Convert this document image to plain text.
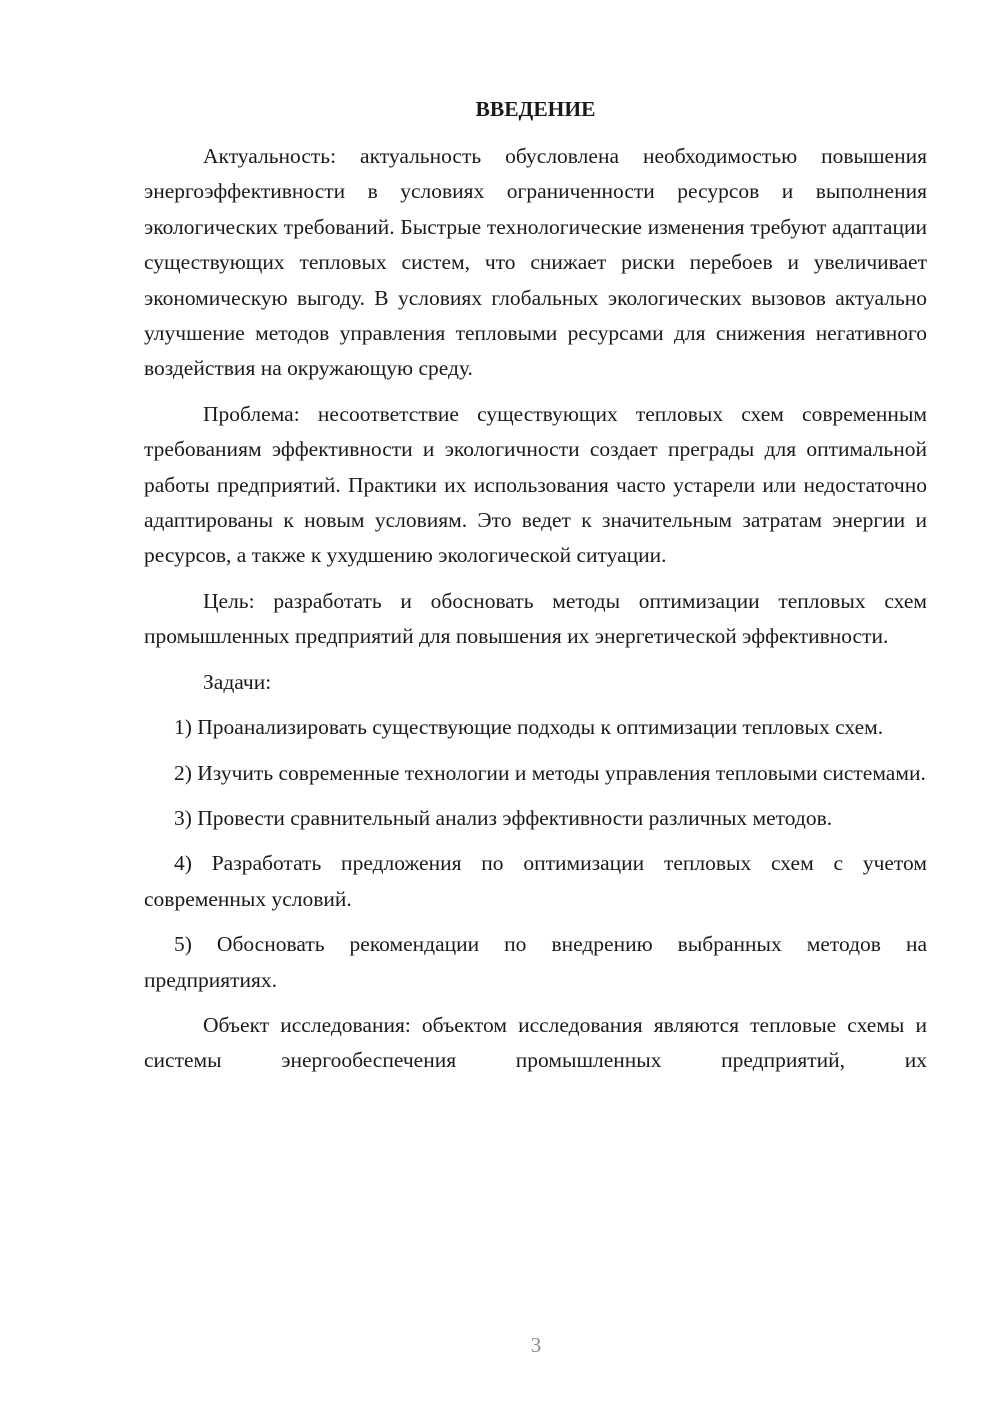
ВВЕДЕНИЕ

Актуальность: актуальность обусловлена необходимостью повышения энергоэффективности в условиях ограниченности ресурсов и выполнения экологических требований. Быстрые технологические изменения требуют адаптации существующих тепловых систем, что снижает риски перебоев и увеличивает экономическую выгоду. В условиях глобальных экологических вызовов актуально улучшение методов управления тепловыми ресурсами для снижения негативного воздействия на окружающую среду.

Проблема: несоответствие существующих тепловых схем современным требованиям эффективности и экологичности создает преграды для оптимальной работы предприятий. Практики их использования часто устарели или недостаточно адаптированы к новым условиям. Это ведет к значительным затратам энергии и ресурсов, а также к ухудшению экологической ситуации.

Цель: разработать и обосновать методы оптимизации тепловых схем промышленных предприятий для повышения их энергетической эффективности.

Задачи:

1) Проанализировать существующие подходы к оптимизации тепловых схем.

2) Изучить современные технологии и методы управления тепловыми системами.

3) Провести сравнительный анализ эффективности различных методов.

4) Разработать предложения по оптимизации тепловых схем с учетом современных условий.

5) Обосновать рекомендации по внедрению выбранных методов на предприятиях.

Объект исследования: объектом исследования являются тепловые схемы и системы энергообеспечения промышленных предприятий, их

3
